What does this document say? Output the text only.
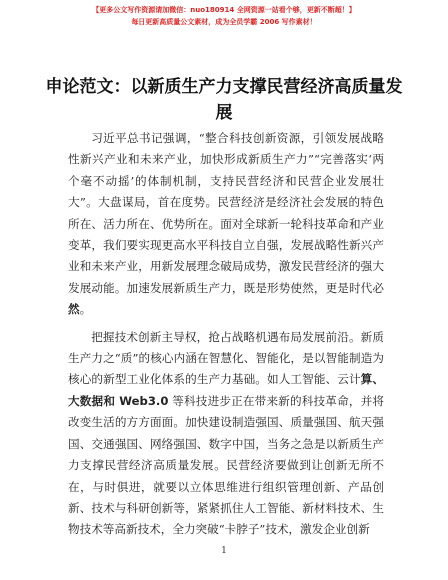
【更多公文写作资源请加微信：nuo180914 全网资源一站看个够，更新不断超！】
每日更新高质量公文素材，成为全员学霸 2006 写作素材！
申论范文：以新质生产力支撑民营经济高质量发展

习近平总书记强调，“整合科技创新资源，引领发展战略性新兴产业和未来产业，加快形成新质生产力”“完善落实‘两个毫不动摇’的体制机制，支持民营经济和民营企业发展壮大”。大盘谋局，首在度势。民营经济是经济社会发展的特色所在、活力所在、优势所在。面对全球新一轮科技革命和产业变革，我们要实现更高水平科技自立自强，发展战略性新兴产业和未来产业，用新发展理念破局成势，激发民营经济的强大发展动能。加速发展新质生产力，既是形势使然，更是时代必然。

把握技术创新主导权，抢占战略机遇布局发展前沿。新质生产力之“质”的核心内涵在智慧化、智能化，是以智能制造为核心的新型工业化体系的生产力基础。如人工智能、云计算、大数据和 Web3.0 等科技进步正在带来新的科技革命，并将改变生活的方方面面。加快建设制造强国、质量强国、航天强国、交通强国、网络强国、数字中国，当务之急是以新质生产力支撑民营经济高质量发展。民营经济要做到让创新无所不在，与时俱进，就要以立体思维进行组织管理创新、产品创新、技术与科研创新等，紧紧抓住人工智能、新材料技术、生物技术等高新技术，全力突破“卡脖子”技术，激发企业创新

1
